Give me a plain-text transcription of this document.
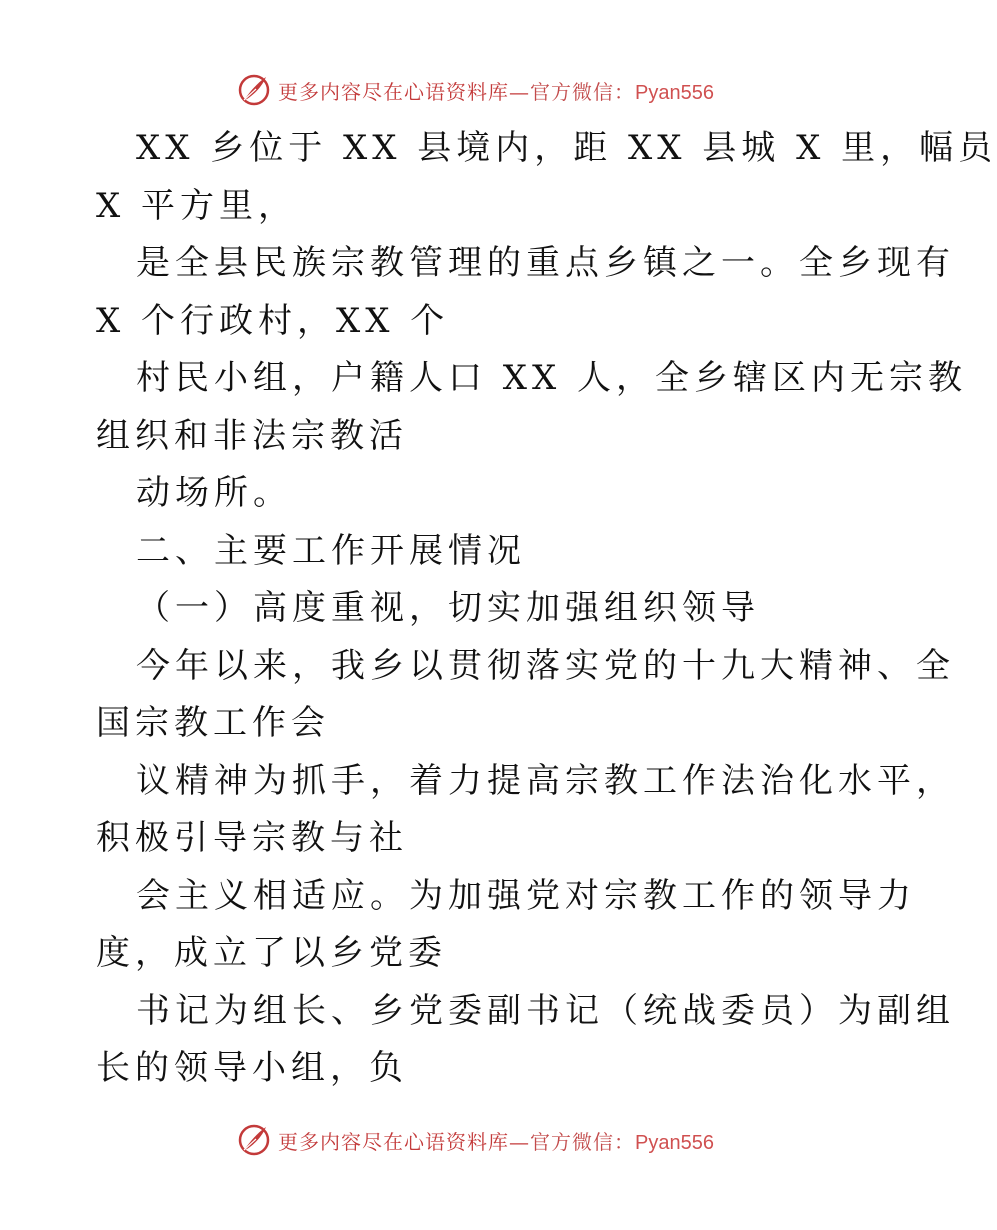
更多内容尽在心语资料库—官方微信：Pyan556
XX 乡位于 XX 县境内，距 XX 县城 X 里，幅员
X 平方里，
是全县民族宗教管理的重点乡镇之一。全乡现有
X 个行政村，XX 个
村民小组，户籍人口 XX 人，全乡辖区内无宗教
组织和非法宗教活
动场所。
二、主要工作开展情况
（一）高度重视，切实加强组织领导
今年以来，我乡以贯彻落实党的十九大精神、全
国宗教工作会
议精神为抓手，着力提高宗教工作法治化水平，
积极引导宗教与社
会主义相适应。为加强党对宗教工作的领导力
度，成立了以乡党委
书记为组长、乡党委副书记（统战委员）为副组
长的领导小组，负
更多内容尽在心语资料库—官方微信：Pyan556
